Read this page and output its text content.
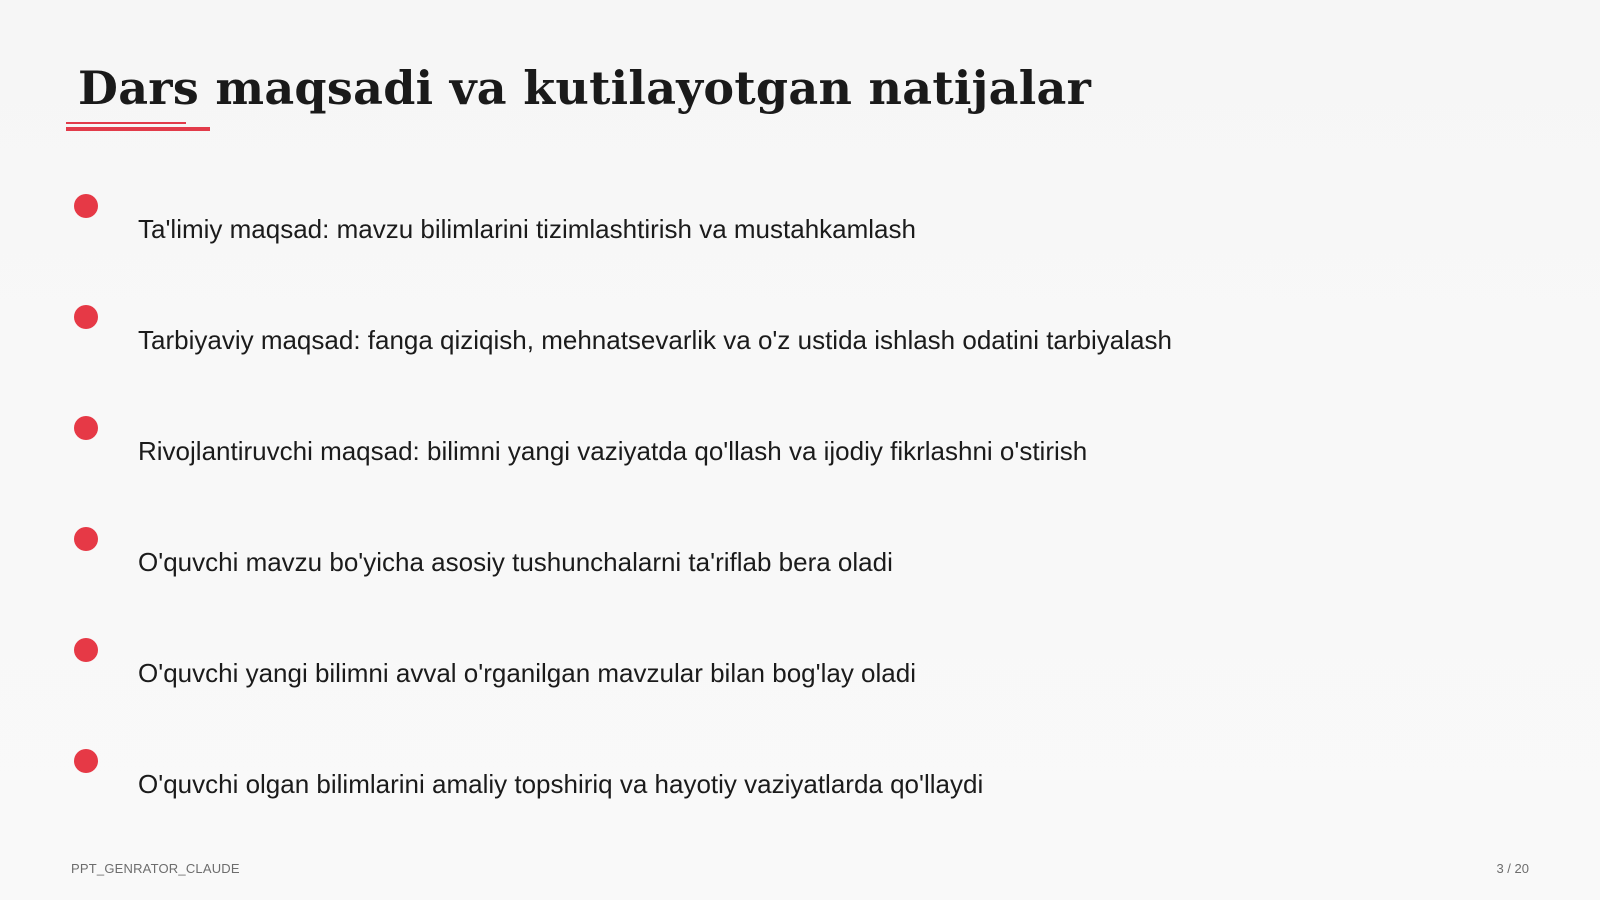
Dars maqsadi va kutilayotgan natijalar
Ta'limiy maqsad: mavzu bilimlarini tizimlashtirish va mustahkamlash
Tarbiyaviy maqsad: fanga qiziqish, mehnatsevarlik va o'z ustida ishlash odatini tarbiyalash
Rivojlantiruvchi maqsad: bilimni yangi vaziyatda qo'llash va ijodiy fikrlashni o'stirish
O'quvchi mavzu bo'yicha asosiy tushunchalarni ta'riflab bera oladi
O'quvchi yangi bilimni avval o'rganilgan mavzular bilan bog'lay oladi
O'quvchi olgan bilimlarini amaliy topshiriq va hayotiy vaziyatlarda qo'llaydi
PPT_GENRATOR_CLAUDE	3 / 20
